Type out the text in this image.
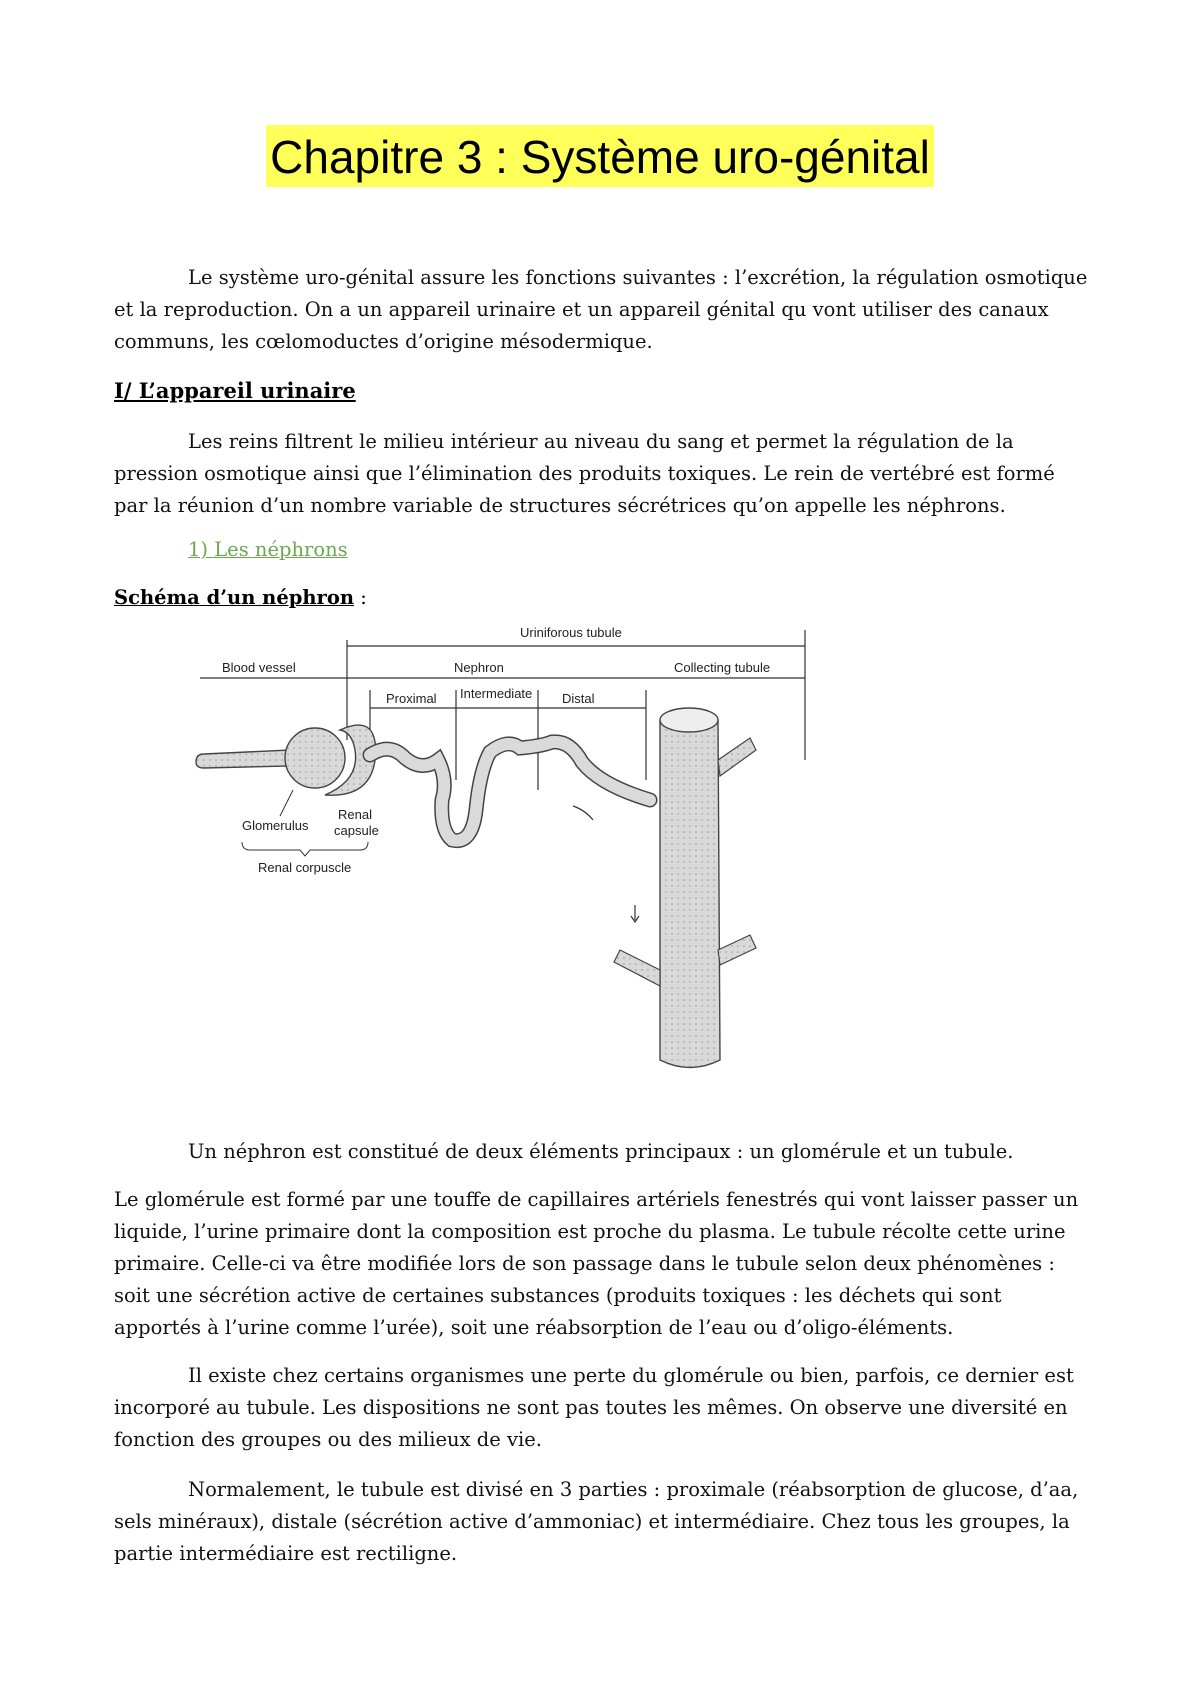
Chapitre 3 : Système uro-génital

Le système uro-génital assure les fonctions suivantes : l’excrétion, la régulation osmotique et la reproduction. On a un appareil urinaire et un appareil génital qu vont utiliser des canaux communs, les cœlomoductes d’origine mésodermique.

I/ L’appareil urinaire

Les reins filtrent le milieu intérieur au niveau du sang et permet la régulation de la pression osmotique ainsi que l’élimination des produits toxiques. Le rein de vertébré est formé par la réunion d’un nombre variable de structures sécrétrices qu’on appelle les néphrons.

1) Les néphrons
Schéma d’un néphron :
Uriniforous tubule
Blood vessel	Nephron	Collecting tubule
Proximal Intermediate Distal
Glomerulus
Renal
capsule
Renal corpuscle

Un néphron est constitué de deux éléments principaux : un glomérule et un tubule.

Le glomérule est formé par une touffe de capillaires artériels fenestrés qui vont laisser passer un liquide, l’urine primaire dont la composition est proche du plasma. Le tubule récolte cette urine primaire. Celle-ci va être modifiée lors de son passage dans le tubule selon deux phénomènes : soit une sécrétion active de certaines substances (produits toxiques : les déchets qui sont apportés à l’urine comme l’urée), soit une réabsorption de l’eau ou d’oligo-éléments.

Il existe chez certains organismes une perte du glomérule ou bien, parfois, ce dernier est incorporé au tubule. Les dispositions ne sont pas toutes les mêmes. On observe une diversité en fonction des groupes ou des milieux de vie.

Normalement, le tubule est divisé en 3 parties : proximale (réabsorption de glucose, d’aa, sels minéraux), distale (sécrétion active d’ammoniac) et intermédiaire. Chez tous les groupes, la partie intermédiaire est rectiligne.
